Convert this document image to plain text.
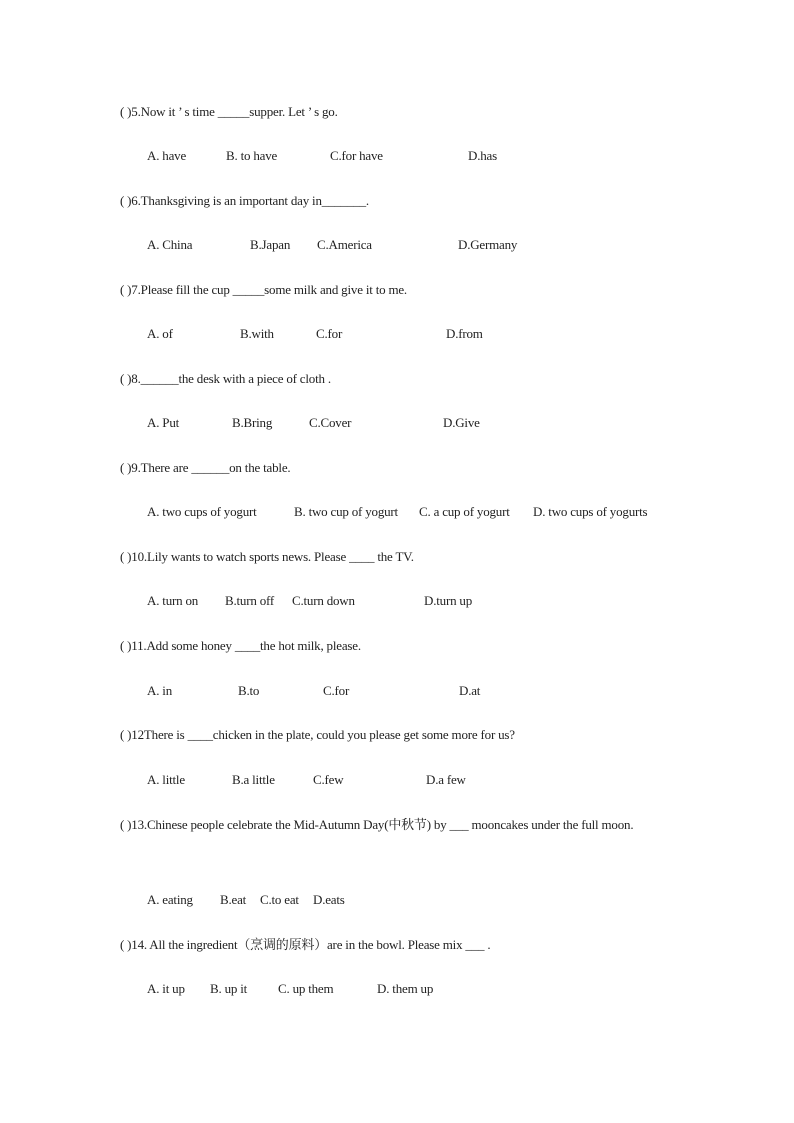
( )5.Now it ’ s time _____supper. Let ’ s go.
A. have	B. to have	C.for have	D.has
( )6.Thanksgiving is an important day in_______.
A. China	B.Japan C.America	D.Germany
( )7.Please fill the cup _____some milk and give it to me.
A. of	B.with	C.for	D.from
( )8.______the desk with a piece of cloth .
A. Put	B.Bring	C.Cover	D.Give
( )9.There are ______on the table.
A. two cups of yogurt	B. two cup of yogurt C. a cup of yogurt D. two cups of yogurts
( )10.Lily wants to watch sports news. Please ____ the TV.
A. turn on B.turn off C.turn down	D.turn up
( )11.Add some honey ____the hot milk, please.
A. in	B.to	C.for	D.at
( )12There is ____chicken in the plate, could you please get some more for us?
A. little	B.a little	C.few	D.a few
( )13.Chinese people celebrate the Mid-Autumn Day(中秋节) by ___ mooncakes under the full moon.
A. eating B.eat C.to eat D.eats
( )14. All the ingredient（烹调的原料）are in the bowl. Please mix ___ .
A. it up B. up it C. up them	D. them up
